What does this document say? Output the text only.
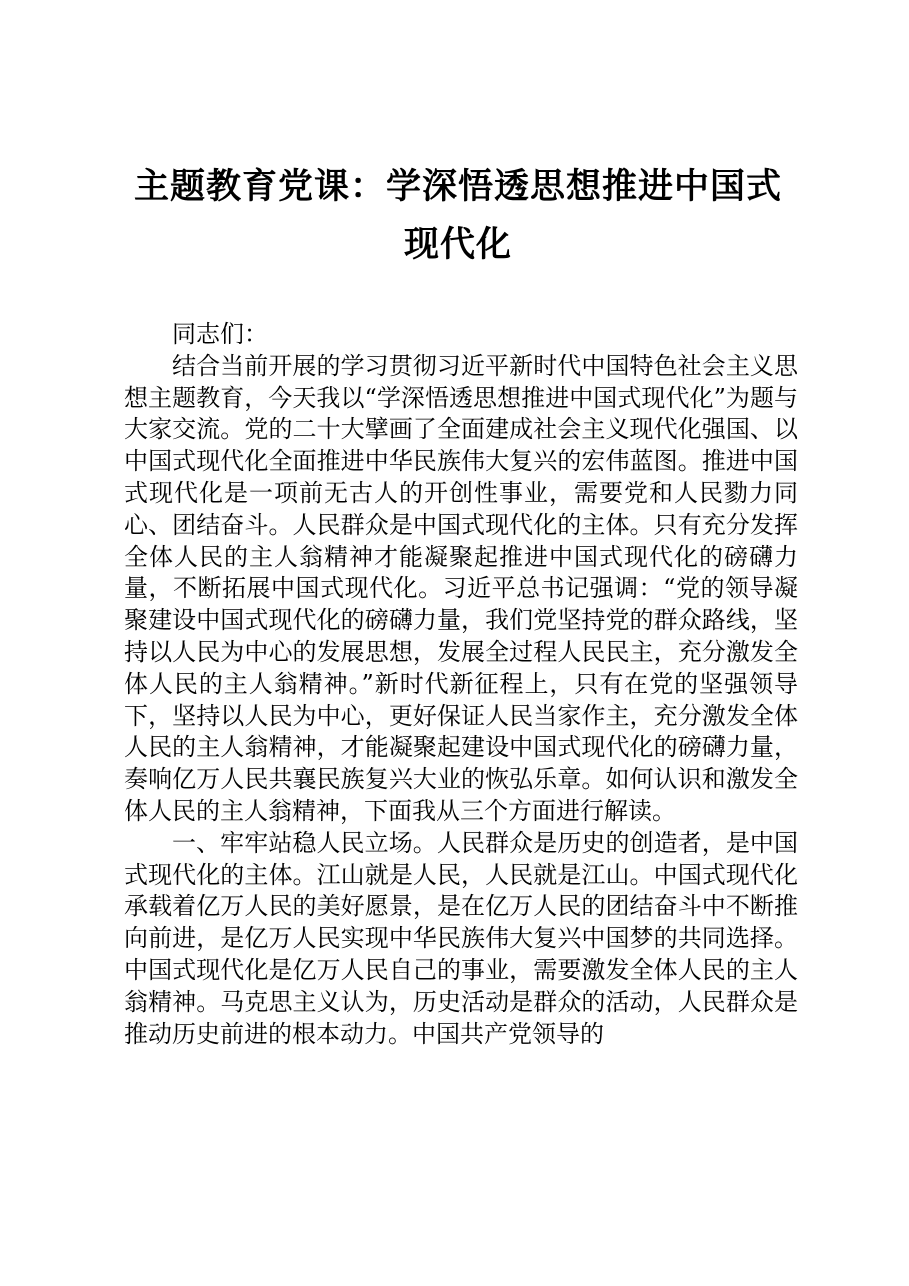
主题教育党课：学深悟透思想推进中国式现代化

同志们：

结合当前开展的学习贯彻习近平新时代中国特色社会主义思想主题教育，今天我以“学深悟透思想推进中国式现代化”为题与大家交流。党的二十大擘画了全面建成社会主义现代化强国、以中国式现代化全面推进中华民族伟大复兴的宏伟蓝图。推进中国式现代化是一项前无古人的开创性事业，需要党和人民勠力同心、团结奋斗。人民群众是中国式现代化的主体。只有充分发挥全体人民的主人翁精神才能凝聚起推进中国式现代化的磅礴力量，不断拓展中国式现代化。习近平总书记强调：“党的领导凝聚建设中国式现代化的磅礴力量，我们党坚持党的群众路线，坚持以人民为中心的发展思想，发展全过程人民民主，充分激发全体人民的主人翁精神。”新时代新征程上，只有在党的坚强领导下，坚持以人民为中心，更好保证人民当家作主，充分激发全体人民的主人翁精神，才能凝聚起建设中国式现代化的磅礴力量，奏响亿万人民共襄民族复兴大业的恢弘乐章。如何认识和激发全体人民的主人翁精神，下面我从三个方面进行解读。

一、牢牢站稳人民立场。人民群众是历史的创造者，是中国式现代化的主体。江山就是人民，人民就是江山。中国式现代化承载着亿万人民的美好愿景，是在亿万人民的团结奋斗中不断推向前进，是亿万人民实现中华民族伟大复兴中国梦的共同选择。中国式现代化是亿万人民自己的事业，需要激发全体人民的主人翁精神。马克思主义认为，历史活动是群众的活动，人民群众是推动历史前进的根本动力。中国共产党领导的
